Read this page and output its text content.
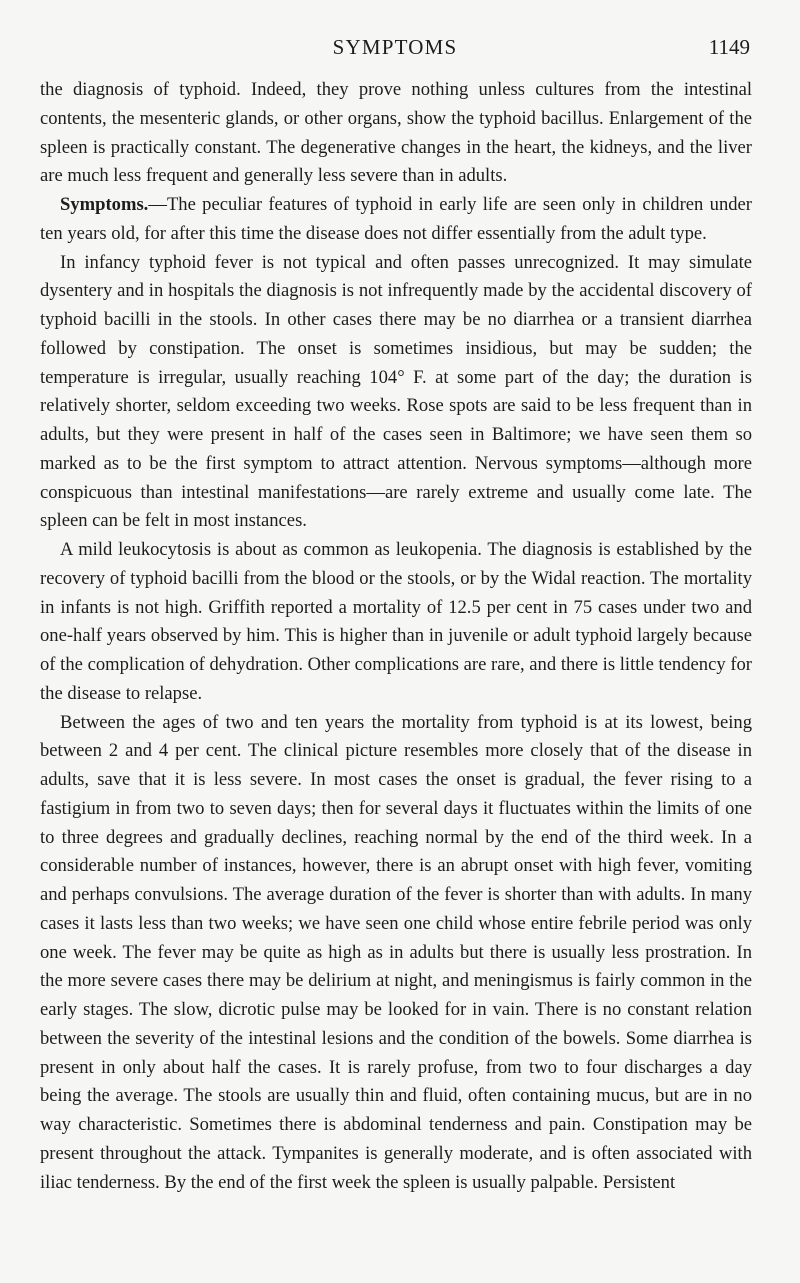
SYMPTOMS	1149

the diagnosis of typhoid. Indeed, they prove nothing unless cultures from the intestinal contents, the mesenteric glands, or other organs, show the typhoid bacillus. Enlargement of the spleen is practically constant. The degenerative changes in the heart, the kidneys, and the liver are much less frequent and generally less severe than in adults.

Symptoms.—The peculiar features of typhoid in early life are seen only in children under ten years old, for after this time the disease does not differ essentially from the adult type.

In infancy typhoid fever is not typical and often passes unrecognized. It may simulate dysentery and in hospitals the diagnosis is not infrequently made by the accidental discovery of typhoid bacilli in the stools. In other cases there may be no diarrhea or a transient diarrhea followed by constipation. The onset is sometimes insidious, but may be sudden; the temperature is irregular, usually reaching 104° F. at some part of the day; the duration is relatively shorter, seldom exceeding two weeks. Rose spots are said to be less frequent than in adults, but they were present in half of the cases seen in Baltimore; we have seen them so marked as to be the first symptom to attract attention. Nervous symptoms—although more conspicuous than intestinal manifestations—are rarely extreme and usually come late. The spleen can be felt in most instances.

A mild leukocytosis is about as common as leukopenia. The diagnosis is established by the recovery of typhoid bacilli from the blood or the stools, or by the Widal reaction. The mortality in infants is not high. Griffith reported a mortality of 12.5 per cent in 75 cases under two and one-half years observed by him. This is higher than in juvenile or adult typhoid largely because of the complication of dehydration. Other complications are rare, and there is little tendency for the disease to relapse.

Between the ages of two and ten years the mortality from typhoid is at its lowest, being between 2 and 4 per cent. The clinical picture resembles more closely that of the disease in adults, save that it is less severe. In most cases the onset is gradual, the fever rising to a fastigium in from two to seven days; then for several days it fluctuates within the limits of one to three degrees and gradually declines, reaching normal by the end of the third week. In a considerable number of instances, however, there is an abrupt onset with high fever, vomiting and perhaps convulsions. The average duration of the fever is shorter than with adults. In many cases it lasts less than two weeks; we have seen one child whose entire febrile period was only one week. The fever may be quite as high as in adults but there is usually less prostration. In the more severe cases there may be delirium at night, and meningismus is fairly common in the early stages. The slow, dicrotic pulse may be looked for in vain. There is no constant relation between the severity of the intestinal lesions and the condition of the bowels. Some diarrhea is present in only about half the cases. It is rarely profuse, from two to four discharges a day being the average. The stools are usually thin and fluid, often containing mucus, but are in no way characteristic. Sometimes there is abdominal tenderness and pain. Constipation may be present throughout the attack. Tympanites is generally moderate, and is often associated with iliac tenderness. By the end of the first week the spleen is usually palpable. Persistent
